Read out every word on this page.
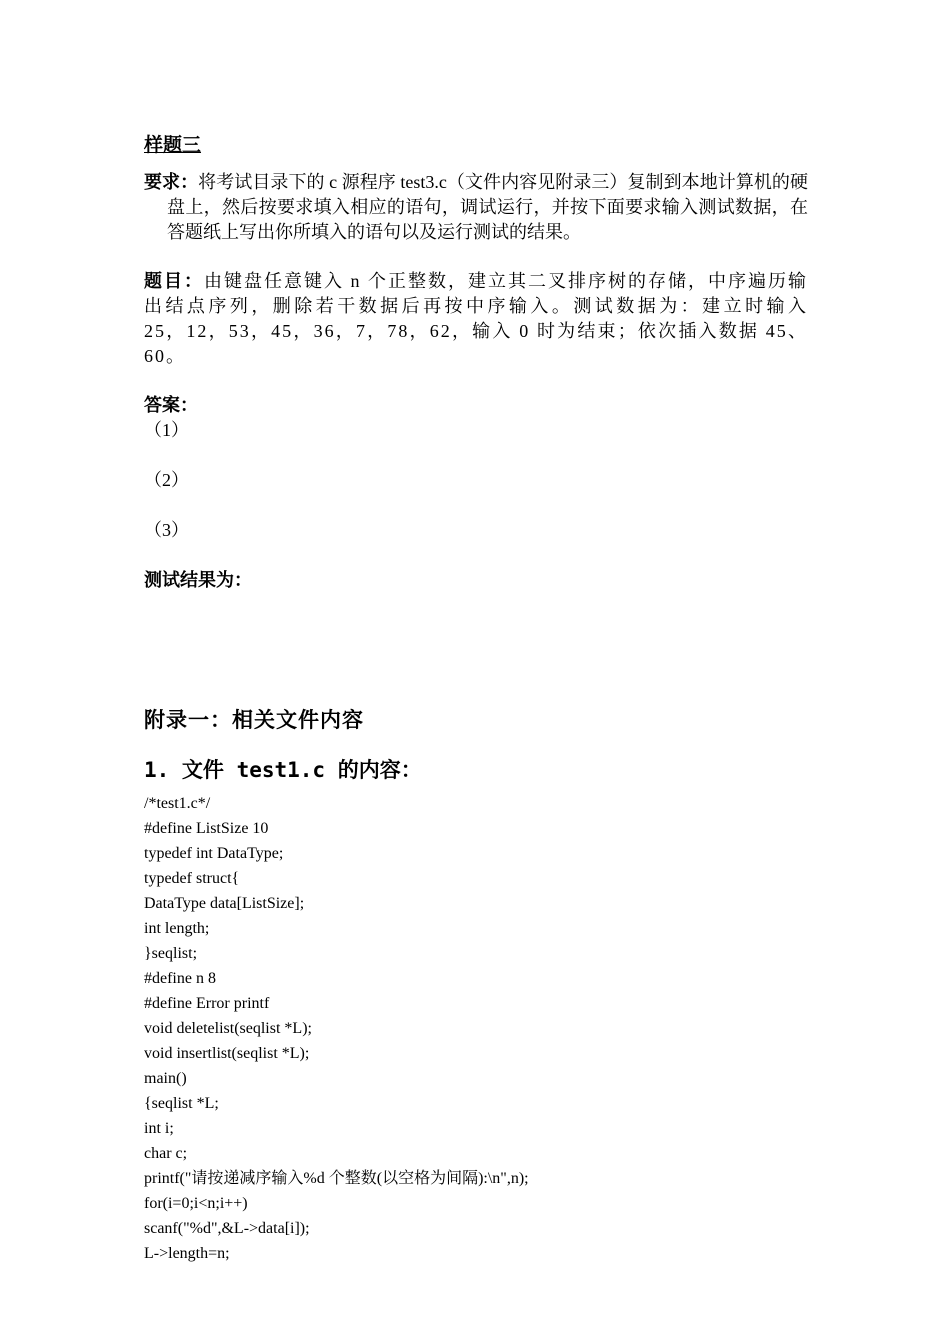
样题三
要求：将考试目录下的 c 源程序 test3.c（文件内容见附录三）复制到本地计算机的硬盘上，然后按要求填入相应的语句，调试运行，并按下面要求输入测试数据，在答题纸上写出你所填入的语句以及运行测试的结果。
题目：由键盘任意键入 n 个正整数，建立其二叉排序树的存储，中序遍历输出结点序列，删除若干数据后再按中序输入。测试数据为：建立时输入 25，12，53，45，36，7，78，62，输入 0 时为结束；依次插入数据 45、60。
答案：
（1）
（2）
（3）
测试结果为：
附录一：相关文件内容
1. 文件 test1.c 的内容：
/*test1.c*/
#define ListSize 10
typedef int DataType;
typedef struct{
DataType data[ListSize];
int length;
}seqlist;
#define n 8
#define Error printf
void deletelist(seqlist *L);
void insertlist(seqlist *L);
main()
{seqlist *L;
int i;
char c;
printf("请按递减序输入%d 个整数(以空格为间隔):\n",n);
for(i=0;i<n;i++)
scanf("%d",&L->data[i]);
L->length=n;
